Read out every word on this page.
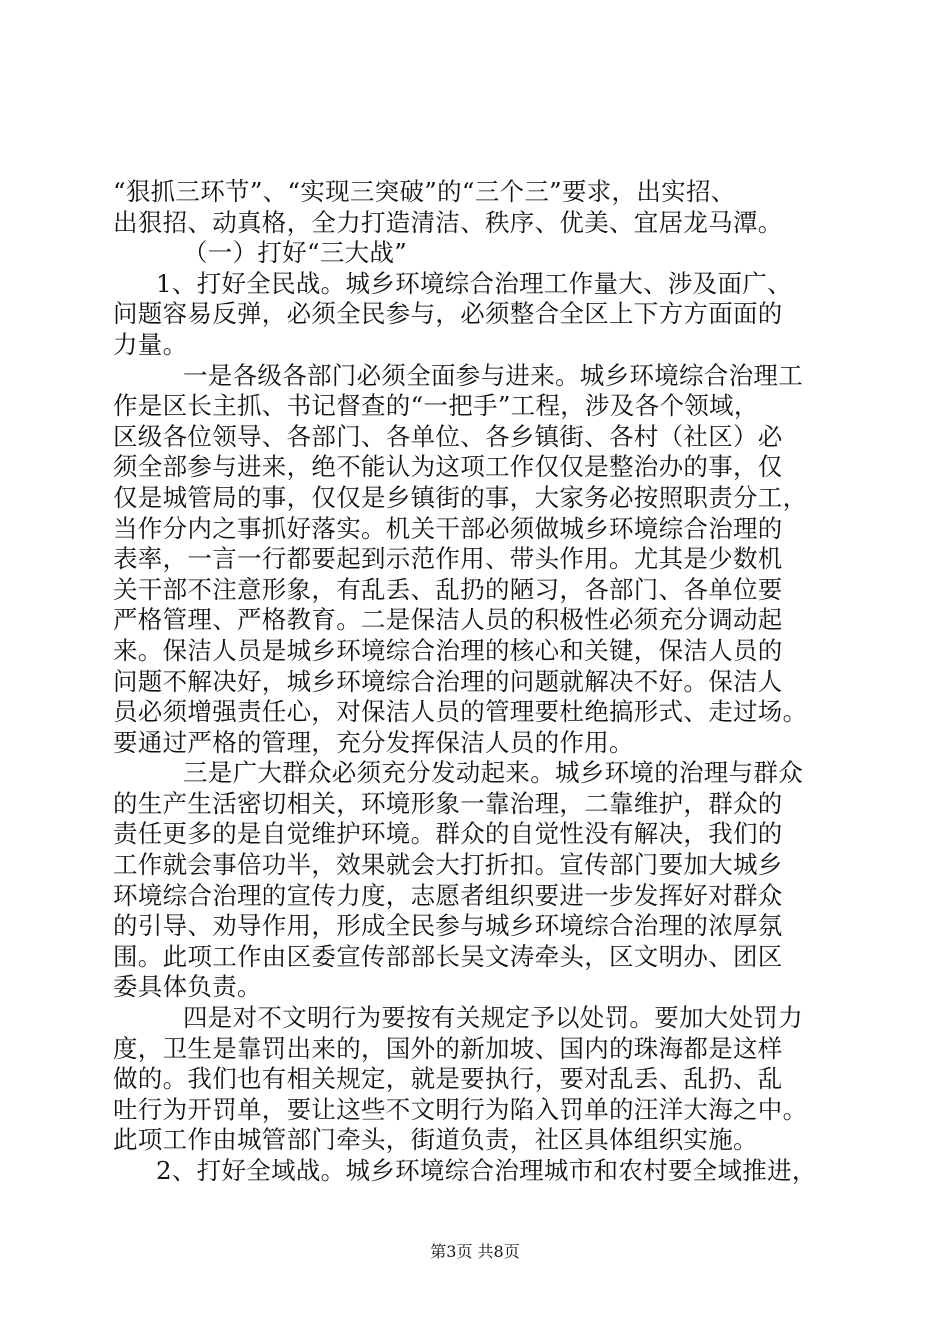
“狠抓三环节”、“实现三突破”的“三个三”要求，出实招、
出狠招、动真格，全力打造清洁、秩序、优美、宜居龙马潭。
（一）打好“三大战”
1、打好全民战。城乡环境综合治理工作量大、涉及面广、
问题容易反弹，必须全民参与，必须整合全区上下方方面面的
力量。
一是各级各部门必须全面参与进来。城乡环境综合治理工
作是区长主抓、书记督查的“一把手”工程，涉及各个领域，
区级各位领导、各部门、各单位、各乡镇街、各村（社区）必
须全部参与进来，绝不能认为这项工作仅仅是整治办的事，仅
仅是城管局的事，仅仅是乡镇街的事，大家务必按照职责分工，
当作分内之事抓好落实。机关干部必须做城乡环境综合治理的
表率，一言一行都要起到示范作用、带头作用。尤其是少数机
关干部不注意形象，有乱丢、乱扔的陋习，各部门、各单位要
严格管理、严格教育。二是保洁人员的积极性必须充分调动起
来。保洁人员是城乡环境综合治理的核心和关键，保洁人员的
问题不解决好，城乡环境综合治理的问题就解决不好。保洁人
员必须增强责任心，对保洁人员的管理要杜绝搞形式、走过场。
要通过严格的管理，充分发挥保洁人员的作用。
三是广大群众必须充分发动起来。城乡环境的治理与群众
的生产生活密切相关，环境形象一靠治理，二靠维护，群众的
责任更多的是自觉维护环境。群众的自觉性没有解决，我们的
工作就会事倍功半，效果就会大打折扣。宣传部门要加大城乡
环境综合治理的宣传力度，志愿者组织要进一步发挥好对群众
的引导、劝导作用，形成全民参与城乡环境综合治理的浓厚氛
围。此项工作由区委宣传部部长吴文涛牵头，区文明办、团区
委具体负责。
四是对不文明行为要按有关规定予以处罚。要加大处罚力
度，卫生是靠罚出来的，国外的新加坡、国内的珠海都是这样
做的。我们也有相关规定，就是要执行，要对乱丢、乱扔、乱
吐行为开罚单，要让这些不文明行为陷入罚单的汪洋大海之中。
此项工作由城管部门牵头，街道负责，社区具体组织实施。
2、打好全域战。城乡环境综合治理城市和农村要全域推进，
第3页 共8页
